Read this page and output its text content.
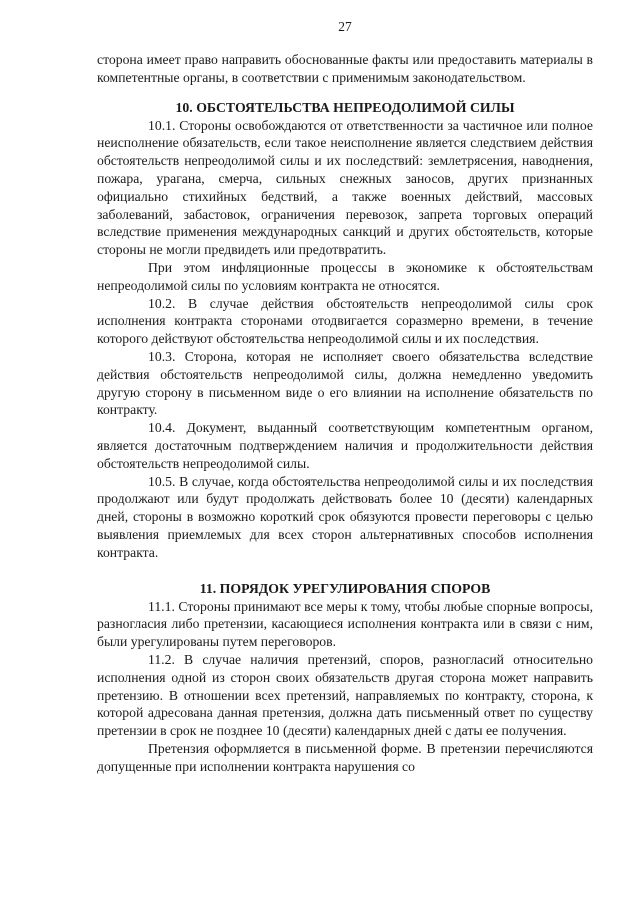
27

сторона имеет право направить обоснованные факты или предоставить материалы в компетентные органы, в соответствии с применимым законодательством.

10. ОБСТОЯТЕЛЬСТВА НЕПРЕОДОЛИМОЙ СИЛЫ

10.1. Стороны освобождаются от ответственности за частичное или полное неисполнение обязательств, если такое неисполнение является следствием действия обстоятельств непреодолимой силы и их последствий: землетрясения, наводнения, пожара, урагана, смерча, сильных снежных заносов, других признанных официально стихийных бедствий, а также военных действий, массовых заболеваний, забастовок, ограничения перевозок, запрета торговых операций вследствие применения международных санкций и других обстоятельств, которые стороны не могли предвидеть или предотвратить.

При этом инфляционные процессы в экономике к обстоятельствам непреодолимой силы по условиям контракта не относятся.

10.2. В случае действия обстоятельств непреодолимой силы срок исполнения контракта сторонами отодвигается соразмерно времени, в течение которого действуют обстоятельства непреодолимой силы и их последствия.

10.3. Сторона, которая не исполняет своего обязательства вследствие действия обстоятельств непреодолимой силы, должна немедленно уведомить другую сторону в письменном виде о его влиянии на исполнение обязательств по контракту.

10.4. Документ, выданный соответствующим компетентным органом, является достаточным подтверждением наличия и продолжительности действия обстоятельств непреодолимой силы.

10.5. В случае, когда обстоятельства непреодолимой силы и их последствия продолжают или будут продолжать действовать более 10 (десяти) календарных дней, стороны в возможно короткий срок обязуются провести переговоры с целью выявления приемлемых для всех сторон альтернативных способов исполнения контракта.

11. ПОРЯДОК УРЕГУЛИРОВАНИЯ СПОРОВ

11.1. Стороны принимают все меры к тому, чтобы любые спорные вопросы, разногласия либо претензии, касающиеся исполнения контракта или в связи с ним, были урегулированы путем переговоров.

11.2. В случае наличия претензий, споров, разногласий относительно исполнения одной из сторон своих обязательств другая сторона может направить претензию. В отношении всех претензий, направляемых по контракту, сторона, к которой адресована данная претензия, должна дать письменный ответ по существу претензии в срок не позднее 10 (десяти) календарных дней с даты ее получения.

Претензия оформляется в письменной форме. В претензии перечисляются допущенные при исполнении контракта нарушения со
